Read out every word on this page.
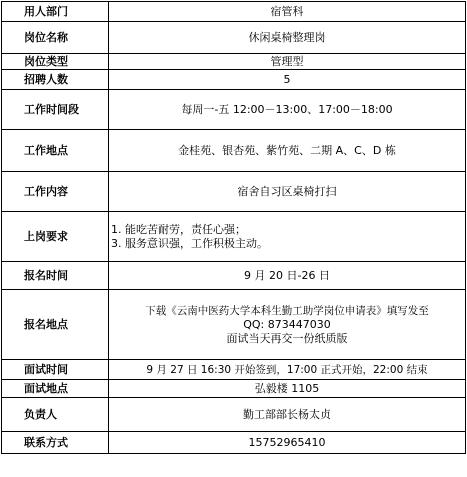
用人部门	宿管科

岗位名称	休闲桌椅整理岗

岗位类型	管理型

招聘人数	5

工作时间段	每周一-五 12:00－13:00、17:00－18:00

工作地点	金桂苑、银杏苑、紫竹苑、二期 A、C、D 栋

工作内容	宿舍自习区桌椅打扫

上岗要求	1. 能吃苦耐劳，责任心强；
3. 服务意识强，工作积极主动。

报名时间	9 月 20 日-26 日

报名地点	下载《云南中医药大学本科生勤工助学岗位申请表》填写发至
QQ: 873447030
面试当天再交一份纸质版

面试时间	9 月 27 日 16:30 开始签到，17:00 正式开始，22:00 结束

面试地点	弘毅楼 1105

负责人	勤工部部长杨太贞

联系方式	15752965410
